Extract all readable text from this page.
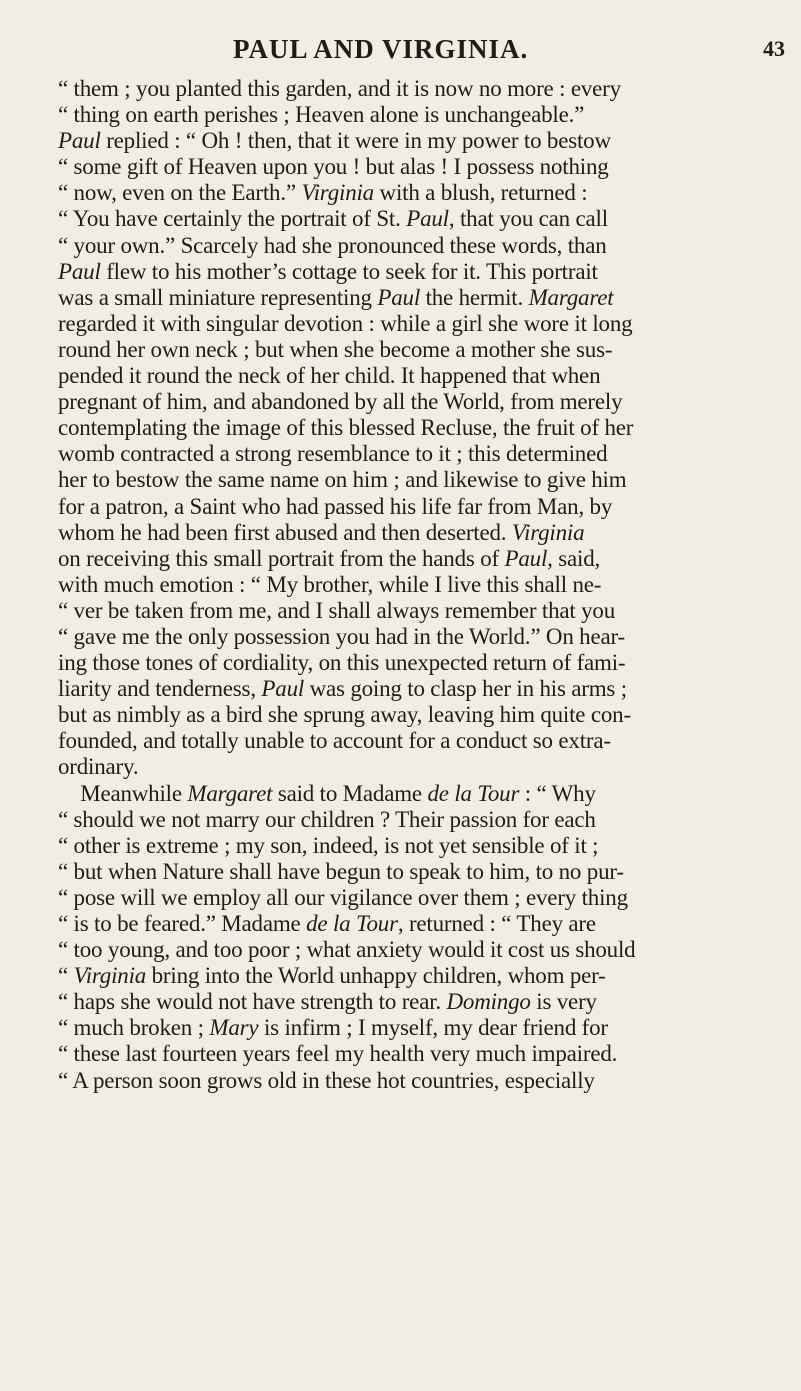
PAUL AND VIRGINIA.	43
“ them ; you planted this garden, and it is now no more : every
“ thing on earth perishes ; Heaven alone is unchangeable.”
Paul replied : “ Oh ! then, that it were in my power to bestow
“ some gift of Heaven upon you ! but alas ! I possess nothing
“ now, even on the Earth.” Virginia with a blush, returned :
“ You have certainly the portrait of St. Paul, that you can call
“ your own.” Scarcely had she pronounced these words, than
Paul flew to his mother’s cottage to seek for it. This portrait
was a small miniature representing Paul the hermit. Margaret
regarded it with singular devotion : while a girl she wore it long
round her own neck ; but when she become a mother she sus-
pended it round the neck of her child. It happened that when
pregnant of him, and abandoned by all the World, from merely
contemplating the image of this blessed Recluse, the fruit of her
womb contracted a strong resemblance to it ; this determined
her to bestow the same name on him ; and likewise to give him
for a patron, a Saint who had passed his life far from Man, by
whom he had been first abused and then deserted. Virginia
on receiving this small portrait from the hands of Paul, said,
with much emotion : “ My brother, while I live this shall ne-
“ ver be taken from me, and I shall always remember that you
“ gave me the only possession you had in the World.” On hear-
ing those tones of cordiality, on this unexpected return of fami-
liarity and tenderness, Paul was going to clasp her in his arms ;
but as nimbly as a bird she sprung away, leaving him quite con-
founded, and totally unable to account for a conduct so extra-
ordinary.
Meanwhile Margaret said to Madame de la Tour : “ Why
“ should we not marry our children ? Their passion for each
“ other is extreme ; my son, indeed, is not yet sensible of it ;
“ but when Nature shall have begun to speak to him, to no pur-
“ pose will we employ all our vigilance over them ; every thing
“ is to be feared.” Madame de la Tour, returned : “ They are
“ too young, and too poor ; what anxiety would it cost us should
“ Virginia bring into the World unhappy children, whom per-
“ haps she would not have strength to rear. Domingo is very
“ much broken ; Mary is infirm ; I myself, my dear friend for
“ these last fourteen years feel my health very much impaired.
“ A person soon grows old in these hot countries, especially
